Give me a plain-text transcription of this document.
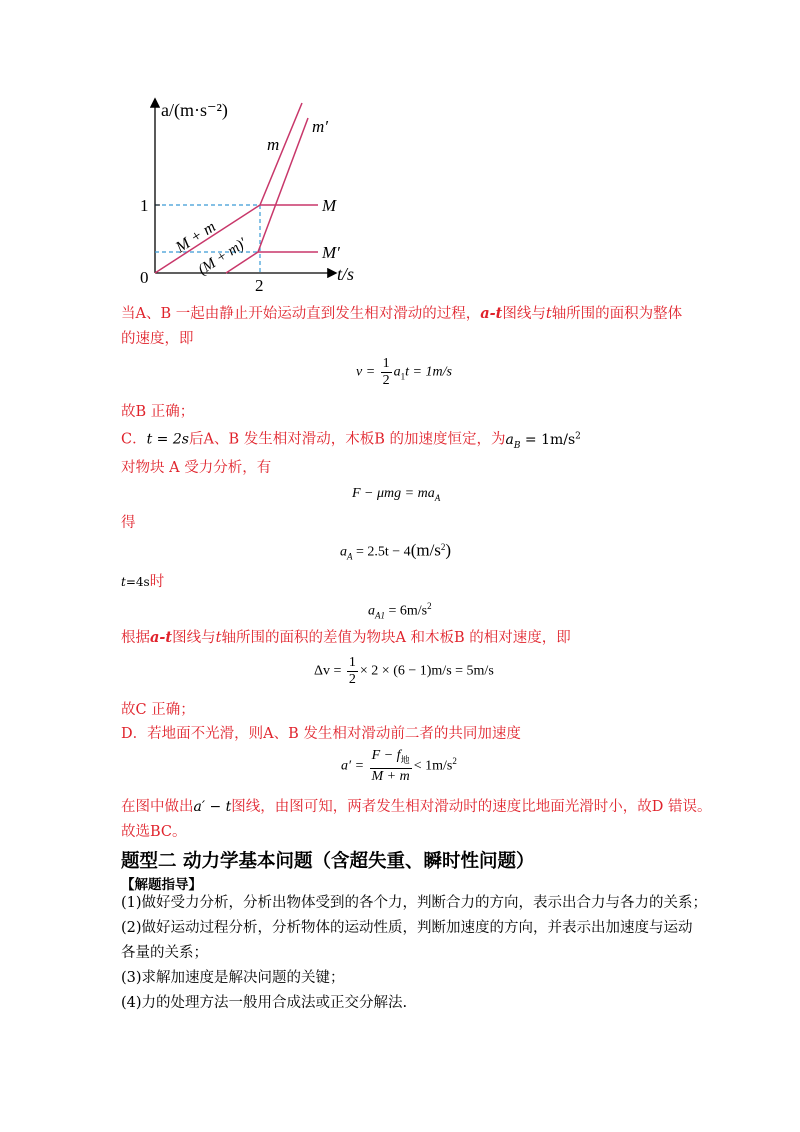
a/(m·s⁻²)
t/s
0	2
1
m
m′
M
M′
M + m
(M + m)′
当A、B 一起由静止开始运动直到发生相对滑动的过程，a-t图线与t轴所围的面积为整体
的速度，即
$v = \frac{1}{2} a_1t = 1m/s$
故B 正确；
C．t = 2s后A、B 发生相对滑动，木板B 的加速度恒定，为$a_B = 1m/s^2$
对物块 A 受力分析，有
$F - \mu mg = ma_A$
得
$a_A = 2.5t - 4(m/s^2)$
t=4s时
$a_{A1} = 6m/s^2$
根据a-t图线与t轴所围的面积的差值为物块A 和木板B 的相对速度，即
$\Delta v = \frac{1}{2} \times 2 \times (6 - 1)m/s = 5m/s$
故C 正确；
D．若地面不光滑，则A、B 发生相对滑动前二者的共同加速度
$a' = \frac{F - f_地}{M + m} < 1m/s^2$
在图中做出a′ − t图线，由图可知，两者发生相对滑动时的速度比地面光滑时小，故D 错误。
故选BC。
题型二 动力学基本问题（含超失重、瞬时性问题）
【解题指导】
(1)做好受力分析，分析出物体受到的各个力，判断合力的方向，表示出合力与各力的关系；
(2)做好运动过程分析，分析物体的运动性质，判断加速度的方向，并表示出加速度与运动
各量的关系；
(3)求解加速度是解决问题的关键；
(4)力的处理方法一般用合成法或正交分解法.
